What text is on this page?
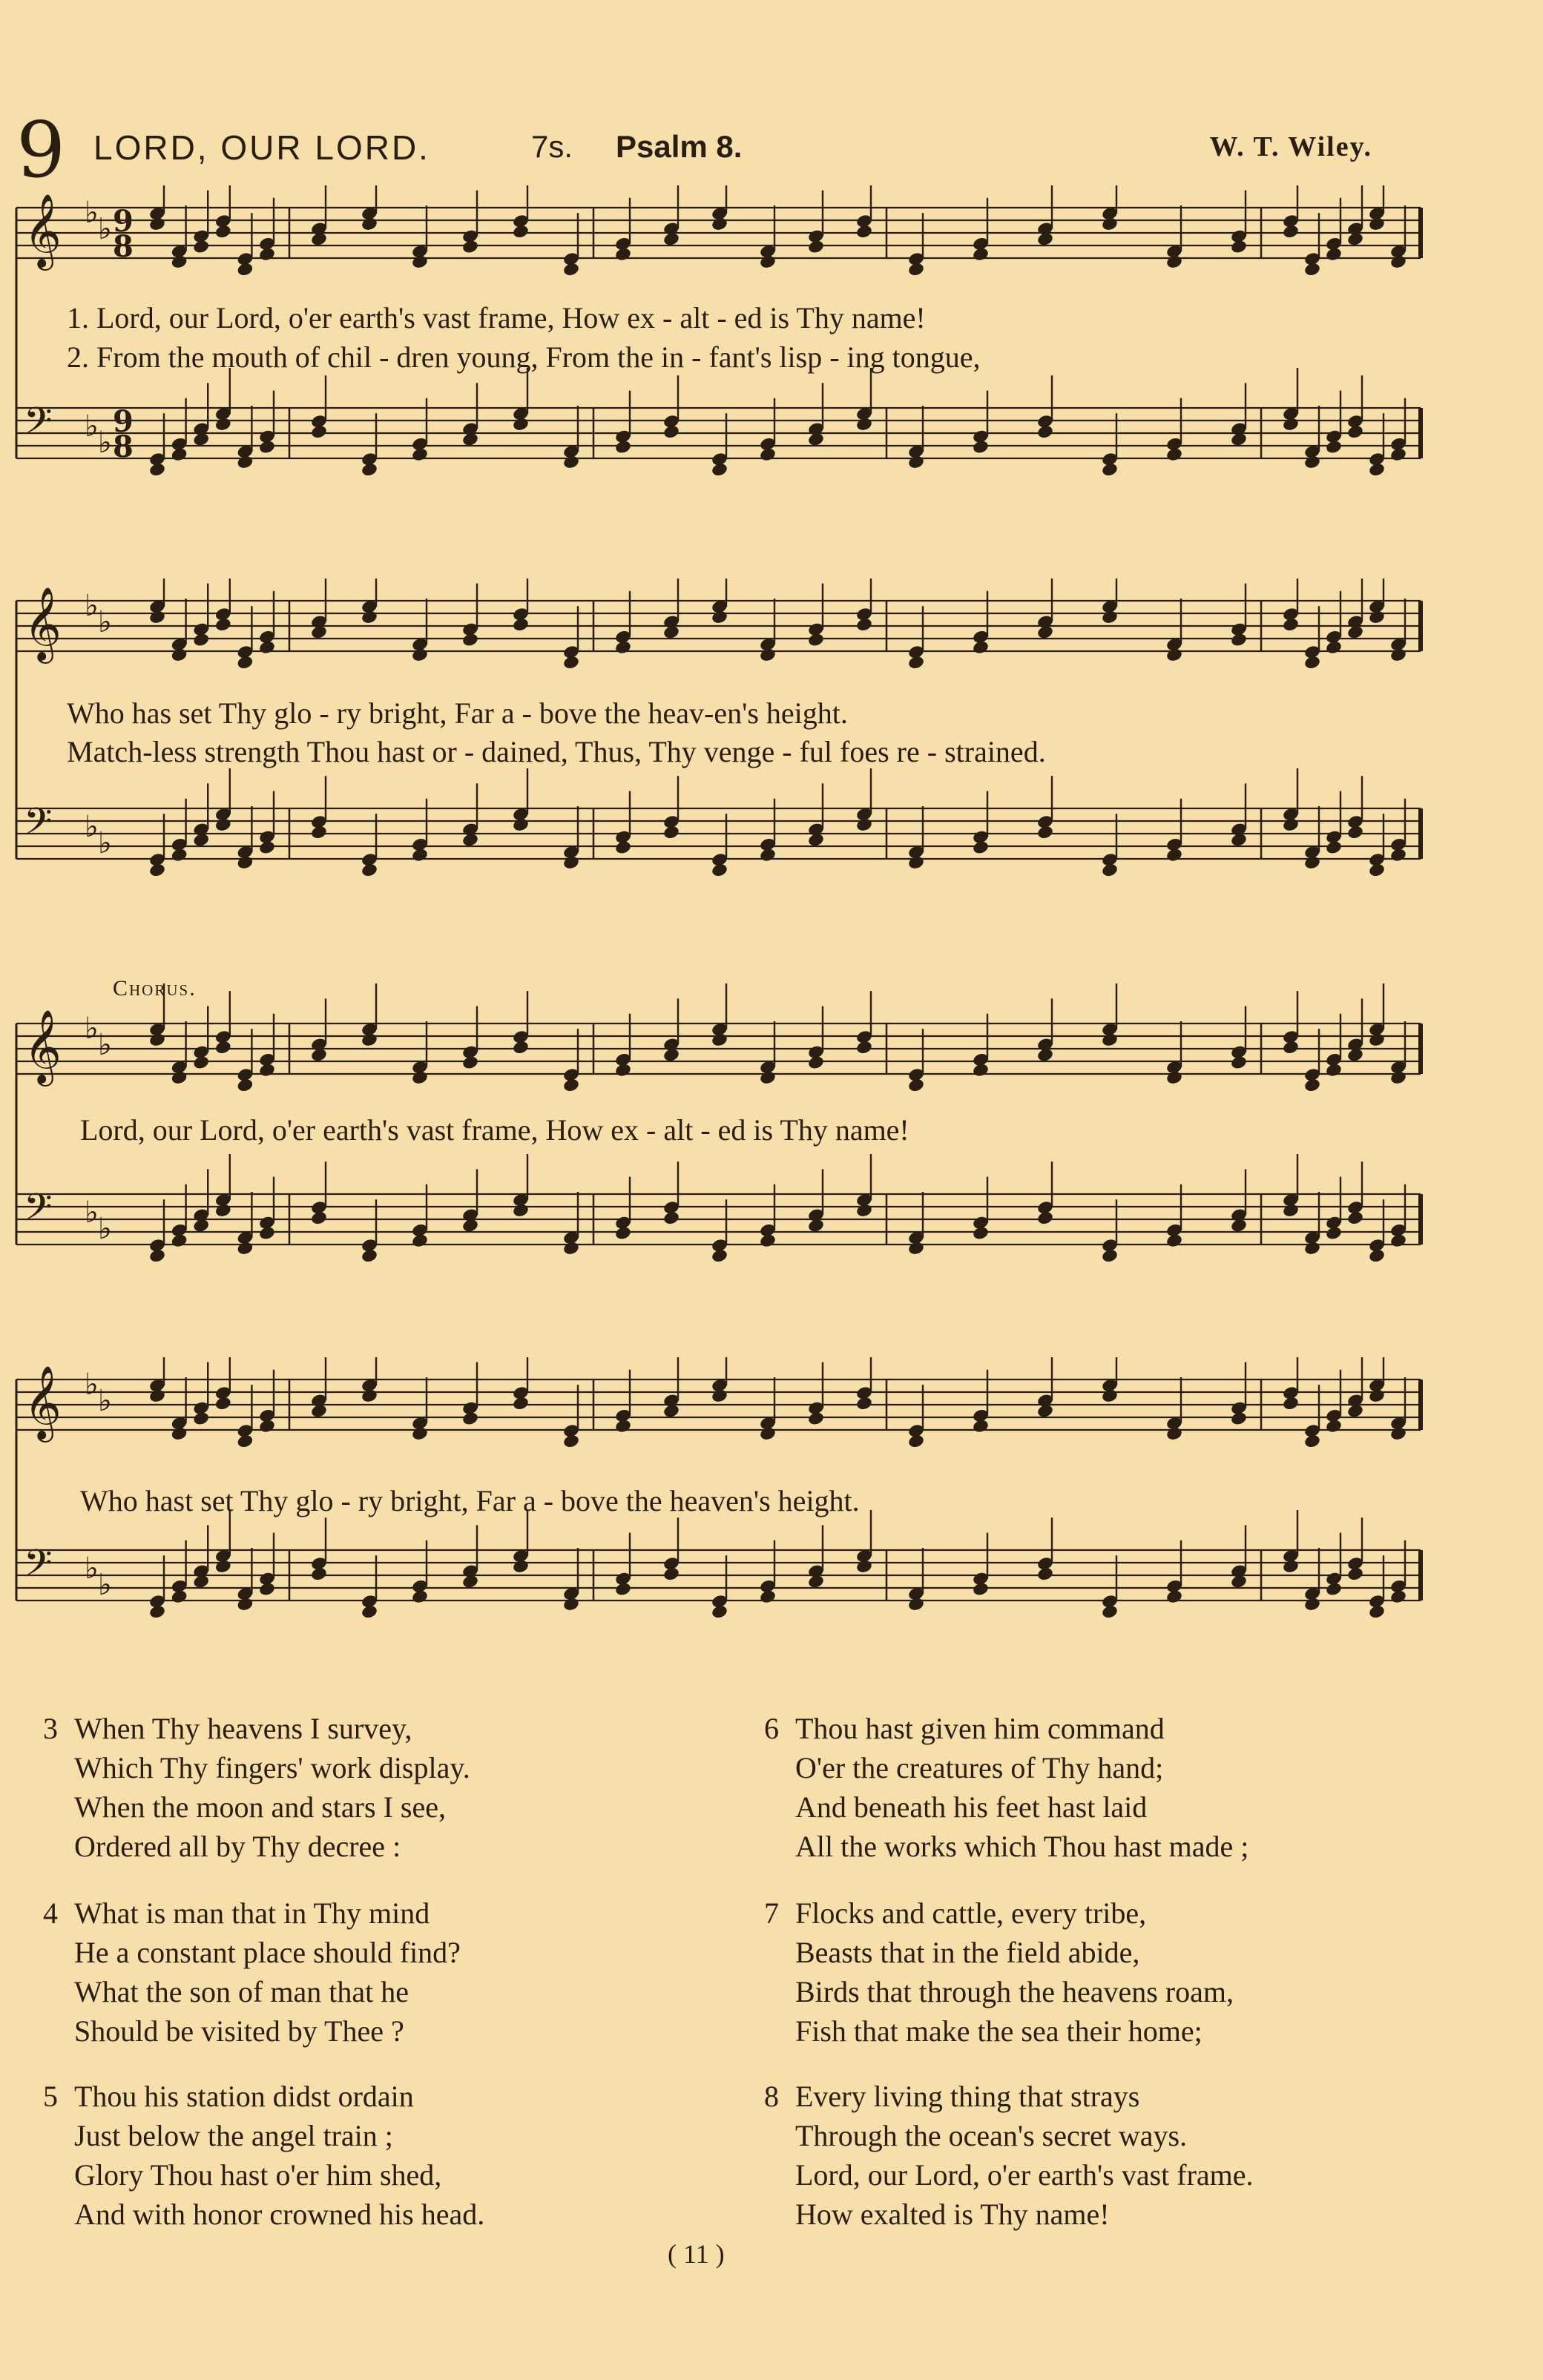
9 LORD, OUR LORD.	7s. Psalm 8.	W. T. Wiley.
𝄞 ♭ ♭ 9
8
𝄢 ♭ ♭
9
8
1. Lord, our Lord, o'er earth's vast frame, How ex - alt - ed is Thy name!
2. From the mouth of chil - dren young, From the in - fant's lisp - ing tongue,
𝄞 ♭ ♭
𝄢 ♭ ♭
Who has set Thy glo - ry bright, Far a - bove the heav-en's height.
Match-less strength Thou hast or - dained, Thus, Thy venge - ful foes re - strained.
Chorus.
𝄞 ♭ ♭
𝄢 ♭ ♭
Lord, our Lord, o'er earth's vast frame, How ex - alt - ed is Thy name!
𝄞 ♭ ♭
𝄢 ♭ ♭
Who hast set Thy glo - ry bright, Far a - bove the heaven's height.
3 When Thy heavens I survey,
Which Thy fingers' work display.
When the moon and stars I see,
Ordered all by Thy decree :
4 What is man that in Thy mind
He a constant place should find?
What the son of man that he
Should be visited by Thee ?
5 Thou his station didst ordain
Just below the angel train ;
Glory Thou hast o'er him shed,
And with honor crowned his head.
6 Thou hast given him command
O'er the creatures of Thy hand;
And beneath his feet hast laid
All the works which Thou hast made ;
7 Flocks and cattle, every tribe,
Beasts that in the field abide,
Birds that through the heavens roam,
Fish that make the sea their home;
8 Every living thing that strays
Through the ocean's secret ways.
Lord, our Lord, o'er earth's vast frame.
How exalted is Thy name!
( 11 )
